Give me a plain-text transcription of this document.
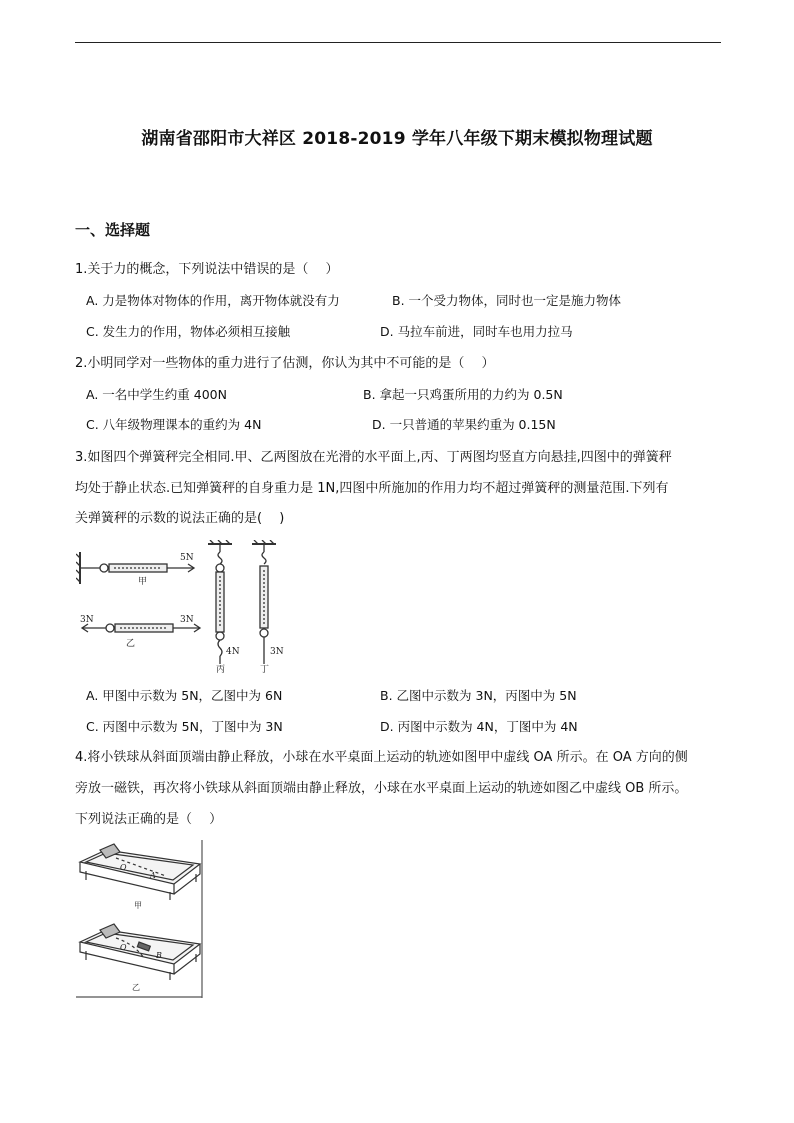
湖南省邵阳市大祥区 2018-2019 学年八年级下期末模拟物理试题
一、选择题
1.关于力的概念，下列说法中错误的是（　 ）
A. 力是物体对物体的作用，离开物体就没有力	B. 一个受力物体，同时也一定是施力物体
C. 发生力的作用，物体必须相互接触	D. 马拉车前进，同时车也用力拉马
2.小明同学对一些物体的重力进行了估测，你认为其中不可能的是（　 ）
A. 一名中学生约重 400N	B. 拿起一只鸡蛋所用的力约为 0.5N
C. 八年级物理课本的重约为 4N	D. 一只普通的苹果约重为 0.15N
3.如图四个弹簧秤完全相同.甲、乙两图放在光滑的水平面上,丙、丁两图均竖直方向悬挂,四图中的弹簧秤
均处于静止状态.已知弹簧秤的自身重力是 1N,四图中所施加的作用力均不超过弹簧秤的测量范围.下列有
关弹簧秤的示数的说法正确的是(　 )
5N
甲
3N	3N
乙
4N
丙
3N
丁
A. 甲图中示数为 5N，乙图中为 6N	B. 乙图中示数为 3N，丙图中为 5N
C. 丙图中示数为 5N，丁图中为 3N	D. 丙图中示数为 4N，丁图中为 4N
4.将小铁球从斜面顶端由静止释放，小球在水平桌面上运动的轨迹如图甲中虚线 OA 所示。在 OA 方向的侧
旁放一磁铁，再次将小铁球从斜面顶端由静止释放，小球在水平桌面上运动的轨迹如图乙中虚线 OB 所示。
下列说法正确的是（　 ）
O
A
甲
O
B
乙
